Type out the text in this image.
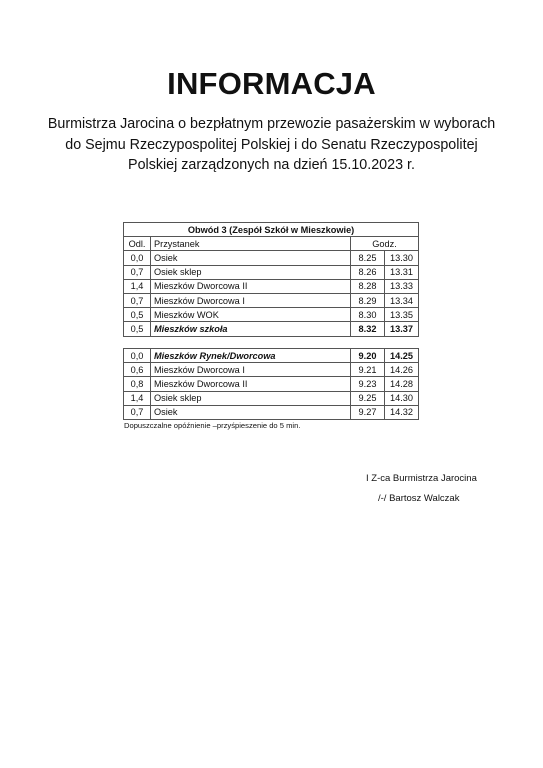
INFORMACJA
Burmistrza Jarocina o bezpłatnym przewozie pasażerskim w wyborach
do Sejmu Rzeczypospolitej Polskiej i do Senatu Rzeczypospolitej
Polskiej zarządzonych na dzień 15.10.2023 r.
Obwód 3 (Zespół Szkół w Mieszkowie)			
Odl.	Przystanek	Godz.	
0,0	Osiek	8.25	13.30
0,7	Osiek sklep	8.26	13.31
1,4	Mieszków Dworcowa II	8.28	13.33
0,7	Mieszków Dworcowa I	8.29	13.34
0,5	Mieszków WOK	8.30	13.35
0,5	Mieszków szkoła	8.32	13.37
0,0	Mieszków Rynek/Dworcowa	9.20	14.25
0,6	Mieszków Dworcowa I	9.21	14.26
0,8	Mieszków Dworcowa II	9.23	14.28
1,4	Osiek sklep	9.25	14.30
0,7	Osiek	9.27	14.32
Dopuszczalne opóźnienie –przyśpieszenie do 5 min.
I Z-ca Burmistrza Jarocina
/-/ Bartosz Walczak
